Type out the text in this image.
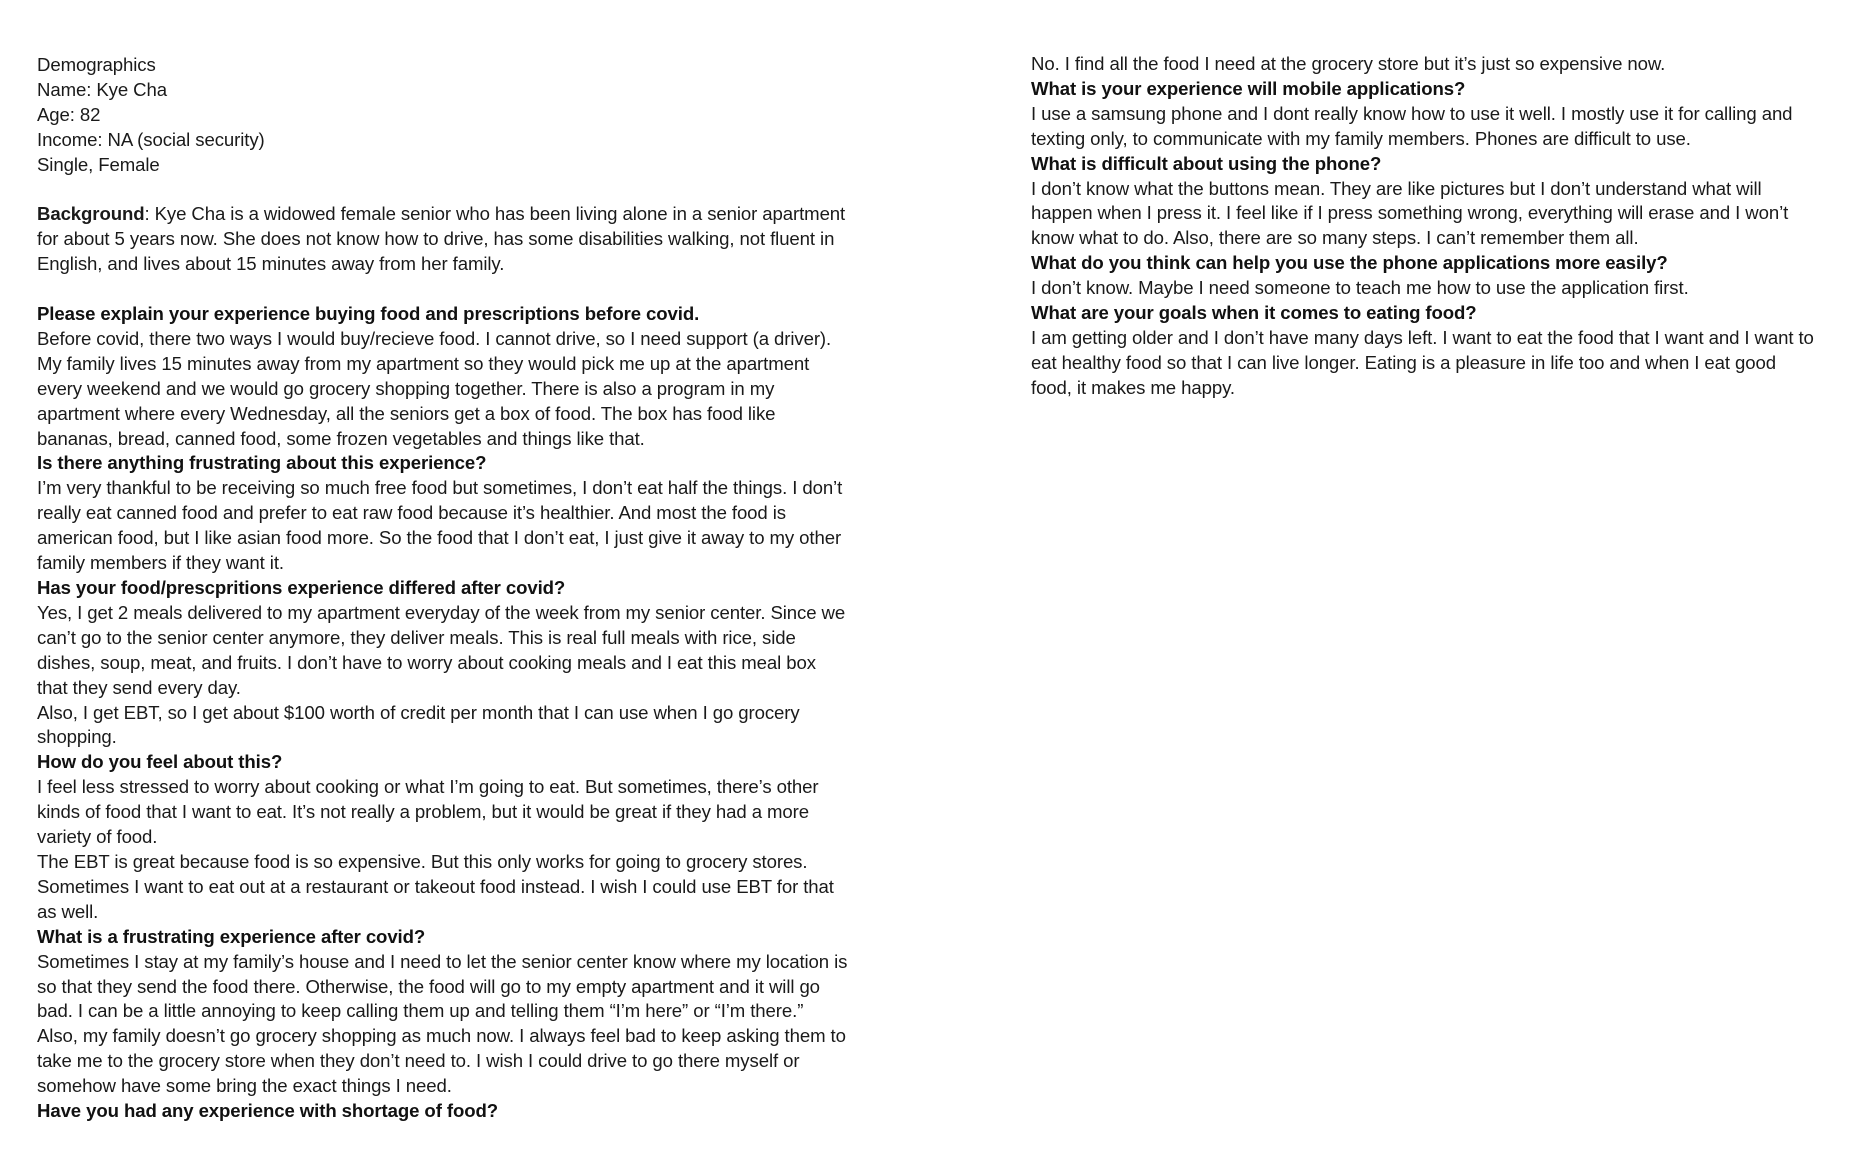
Demographics
Name: Kye Cha
Age: 82
Income: NA (social security)
Single, Female

Background: Kye Cha is a widowed female senior who has been living alone in a senior apartment for about 5 years now. She does not know how to drive, has some disabilities walking, not fluent in English, and lives about 15 minutes away from her family.

Please explain your experience buying food and prescriptions before covid.

Before covid, there two ways I would buy/recieve food. I cannot drive, so I need support (a driver). My family lives 15 minutes away from my apartment so they would pick me up at the apartment every weekend and we would go grocery shopping together. There is also a program in my apartment where every Wednesday, all the seniors get a box of food. The box has food like bananas, bread, canned food, some frozen vegetables and things like that.

Is there anything frustrating about this experience?

I’m very thankful to be receiving so much free food but sometimes, I don’t eat half the things. I don’t really eat canned food and prefer to eat raw food because it’s healthier. And most the food is american food, but I like asian food more. So the food that I don’t eat, I just give it away to my other family members if they want it.

Has your food/prescpritions experience differed after covid?

Yes, I get 2 meals delivered to my apartment everyday of the week from my senior center. Since we can’t go to the senior center anymore, they deliver meals. This is real full meals with rice, side dishes, soup, meat, and fruits. I don’t have to worry about cooking meals and I eat this meal box that they send every day.

Also, I get EBT, so I get about $100 worth of credit per month that I can use when I go grocery shopping.

How do you feel about this?

I feel less stressed to worry about cooking or what I’m going to eat. But sometimes, there’s other kinds of food that I want to eat. It’s not really a problem, but it would be great if they had a more variety of food.

The EBT is great because food is so expensive. But this only works for going to grocery stores. Sometimes I want to eat out at a restaurant or takeout food instead. I wish I could use EBT for that as well.

What is a frustrating experience after covid?

Sometimes I stay at my family’s house and I need to let the senior center know where my location is so that they send the food there. Otherwise, the food will go to my empty apartment and it will go bad. I can be a little annoying to keep calling them up and telling them “I’m here” or “I’m there.”

Also, my family doesn’t go grocery shopping as much now. I always feel bad to keep asking them to take me to the grocery store when they don’t need to. I wish I could drive to go there myself or somehow have some bring the exact things I need.

Have you had any experience with shortage of food?

No. I find all the food I need at the grocery store but it’s just so expensive now.

What is your experience will mobile applications?

I use a samsung phone and I dont really know how to use it well. I mostly use it for calling and texting only, to communicate with my family members. Phones are difficult to use.

What is difficult about using the phone?

I don’t know what the buttons mean. They are like pictures but I don’t understand what will happen when I press it. I feel like if I press something wrong, everything will erase and I won’t know what to do. Also, there are so many steps. I can’t remember them all.

What do you think can help you use the phone applications more easily?

I don’t know. Maybe I need someone to teach me how to use the application first.

What are your goals when it comes to eating food?

I am getting older and I don’t have many days left. I want to eat the food that I want and I want to eat healthy food so that I can live longer. Eating is a pleasure in life too and when I eat good food, it makes me happy.
